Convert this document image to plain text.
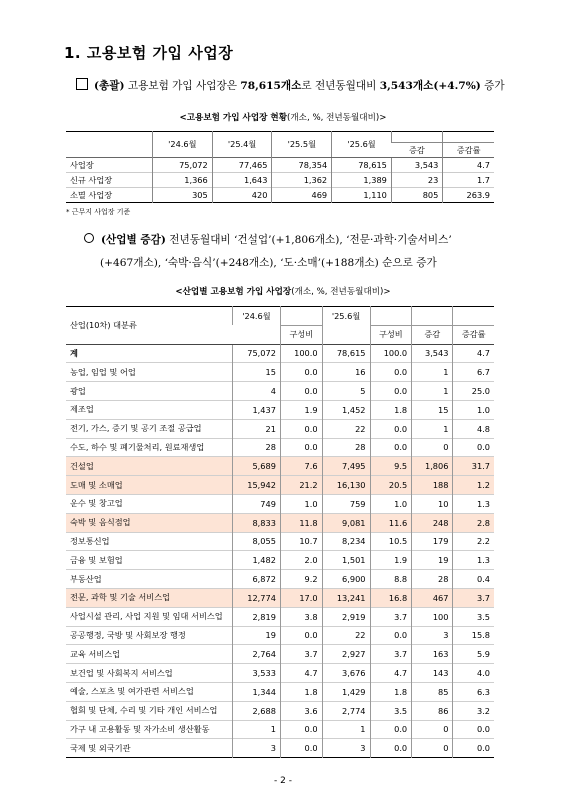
1. 고용보험 가입 사업장
(총괄) 고용보험 가입 사업장은 78,615개소로 전년동월대비 3,543개소(+4.7%) 증가
<고용보험 가입 사업장 현황(개소, %, 전년동월대비)>
	'24.6월	'25.4월	'25.5월	'25.6월		
					증감	증감률
사업장	75,072	77,465	78,354	78,615	3,543	4.7
신규 사업장	1,366	1,643	1,362	1,389	23	1.7
소멸 사업장	305	420	469	1,110	805	263.9
* 근무지 사업장 기준
(산업별 증감) 전년동월대비 ‘건설업’(+1,806개소), ‘전문·과학·기술서비스’
(+467개소), ‘숙박·음식’(+248개소), ‘도·소매’(+188개소) 순으로 증가
<산업별 고용보험 가입 사업장(개소, %, 전년동월대비)>
산업(10차) 대분류	'24.6월		'25.6월			
		구성비		구성비	증감	증감률
계	75,072	100.0	78,615	100.0	3,543	4.7
농업, 임업 및 어업	15	0.0	16	0.0	1	6.7
광업	4	0.0	5	0.0	1	25.0
제조업	1,437	1.9	1,452	1.8	15	1.0
전기, 가스, 증기 및 공기 조절 공급업	21	0.0	22	0.0	1	4.8
수도, 하수 및 폐기물처리, 원료재생업	28	0.0	28	0.0	0	0.0
건설업	5,689	7.6	7,495	9.5	1,806	31.7
도매 및 소매업	15,942	21.2	16,130	20.5	188	1.2
운수 및 창고업	749	1.0	759	1.0	10	1.3
숙박 및 음식점업	8,833	11.8	9,081	11.6	248	2.8
정보통신업	8,055	10.7	8,234	10.5	179	2.2
금융 및 보험업	1,482	2.0	1,501	1.9	19	1.3
부동산업	6,872	9.2	6,900	8.8	28	0.4
전문, 과학 및 기술 서비스업	12,774	17.0	13,241	16.8	467	3.7
사업시설 관리, 사업 지원 및 임대 서비스업	2,819	3.8	2,919	3.7	100	3.5
공공행정, 국방 및 사회보장 행정	19	0.0	22	0.0	3	15.8
교육 서비스업	2,764	3.7	2,927	3.7	163	5.9
보건업 및 사회복지 서비스업	3,533	4.7	3,676	4.7	143	4.0
예술, 스포츠 및 여가관련 서비스업	1,344	1.8	1,429	1.8	85	6.3
협회 및 단체, 수리 및 기타 개인 서비스업	2,688	3.6	2,774	3.5	86	3.2
가구 내 고용활동 및 자가소비 생산활동	1	0.0	1	0.0	0	0.0
국제 및 외국기관	3	0.0	3	0.0	0	0.0
- 2 -
